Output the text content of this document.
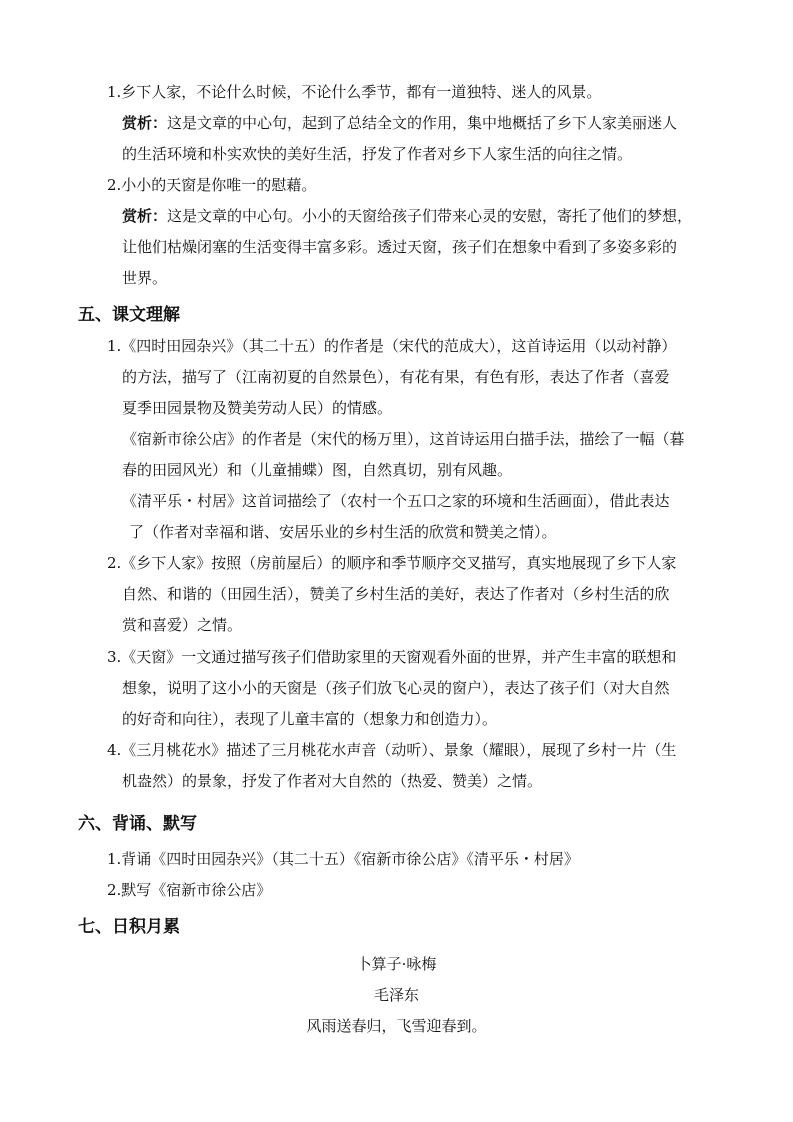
1.乡下人家，不论什么时候，不论什么季节，都有一道独特、迷人的风景。
赏析：这是文章的中心句，起到了总结全文的作用，集中地概括了乡下人家美丽迷人
的生活环境和朴实欢快的美好生活，抒发了作者对乡下人家生活的向往之情。
2.小小的天窗是你唯一的慰藉。
赏析：这是文章的中心句。小小的天窗给孩子们带来心灵的安慰，寄托了他们的梦想，
让他们枯燥闭塞的生活变得丰富多彩。透过天窗，孩子们在想象中看到了多姿多彩的
世界。
五、课文理解
1.《四时田园杂兴》（其二十五）的作者是（宋代的范成大），这首诗运用（以动衬静）
的方法，描写了（江南初夏的自然景色），有花有果，有色有形，表达了作者（喜爱
夏季田园景物及赞美劳动人民）的情感。
《宿新市徐公店》的作者是（宋代的杨万里），这首诗运用白描手法，描绘了一幅（暮
春的田园风光）和（儿童捕蝶）图，自然真切，别有风趣。
《清平乐・村居》这首词描绘了（农村一个五口之家的环境和生活画面），借此表达
了（作者对幸福和谐、安居乐业的乡村生活的欣赏和赞美之情）。
2.《乡下人家》按照（房前屋后）的顺序和季节顺序交叉描写，真实地展现了乡下人家
自然、和谐的（田园生活），赞美了乡村生活的美好，表达了作者对（乡村生活的欣
赏和喜爱）之情。
3.《天窗》一文通过描写孩子们借助家里的天窗观看外面的世界，并产生丰富的联想和
想象，说明了这小小的天窗是（孩子们放飞心灵的窗户），表达了孩子们（对大自然
的好奇和向往），表现了儿童丰富的（想象力和创造力）。
4.《三月桃花水》描述了三月桃花水声音（动听）、景象（耀眼），展现了乡村一片（生
机盎然）的景象，抒发了作者对大自然的（热爱、赞美）之情。
六、背诵、默写
1.背诵《四时田园杂兴》（其二十五）《宿新市徐公店》《清平乐・村居》
2.默写《宿新市徐公店》
七、日积月累
卜算子·咏梅
毛泽东
风雨送春归，飞雪迎春到。
